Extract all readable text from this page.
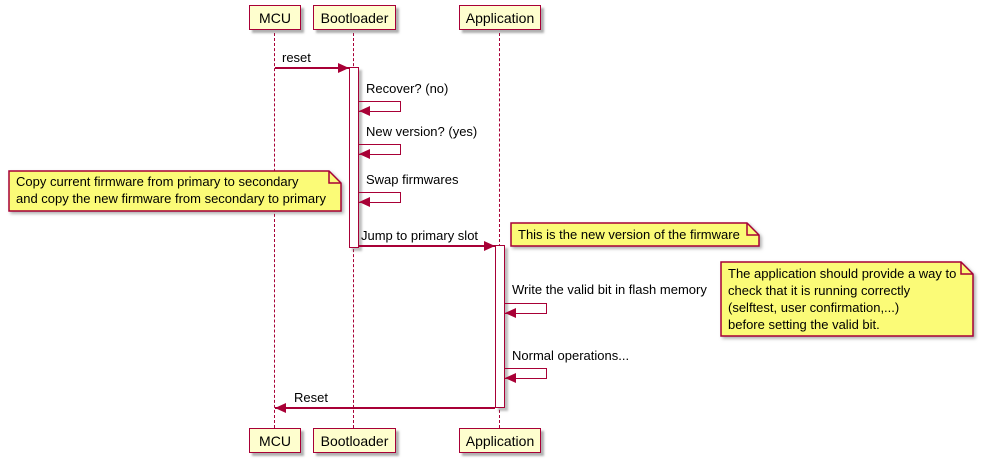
MCU Bootloader	Application
MCU Bootloader	Application
reset
Recover? (no)
New version? (yes)
Copy current firmware from primary to secondary
and copy the new firmware from secondary to primary
Swap firmwares
Jump to primary slot	This is the new version of the firmware
Write the valid bit in flash memory
The application should provide a way to
check that it is running correctly
(selftest, user confirmation,...)
before setting the valid bit.
Normal operations...
Reset
